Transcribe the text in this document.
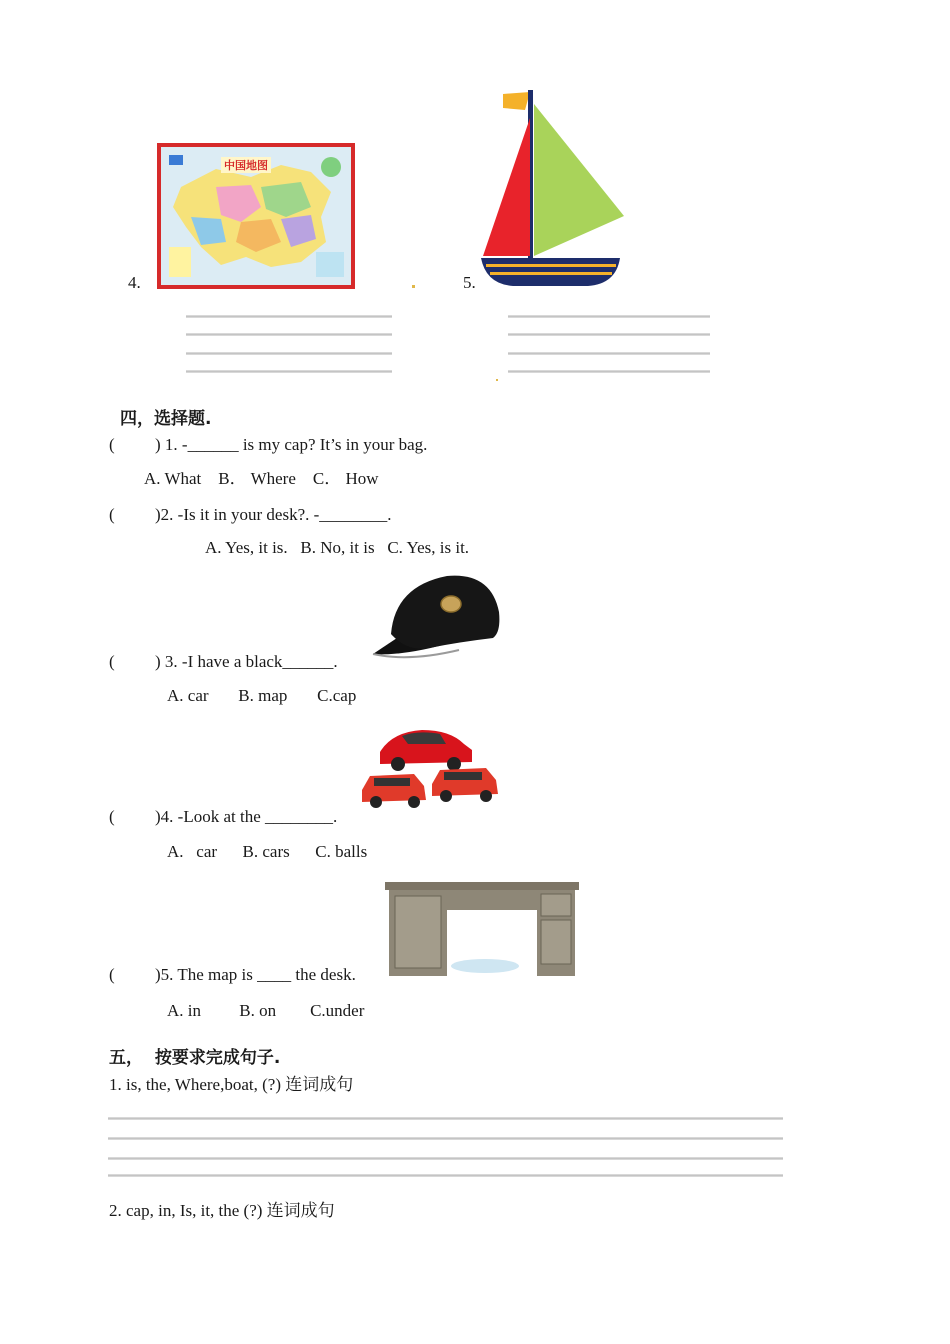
4.
中国地图
5.
四，选择题.
( ) 1. -______ is my cap? It’s in your bag.
A. What    B． Where    C． How
( )2. -Is it in your desk?. -________.
A. Yes, it is.   B. No, it is   C. Yes, is it.
( ) 3. -I have a black______.
A. car       B. map       C.cap
( )4. -Look at the ________.
A.   car      B. cars      C. balls
( )5. The map is ____ the desk.
A. in         B. on        C.under
五，  按要求完成句子.
1. is, the, Where,boat, (?) 连词成句
2. cap, in, Is, it, the (?) 连词成句
